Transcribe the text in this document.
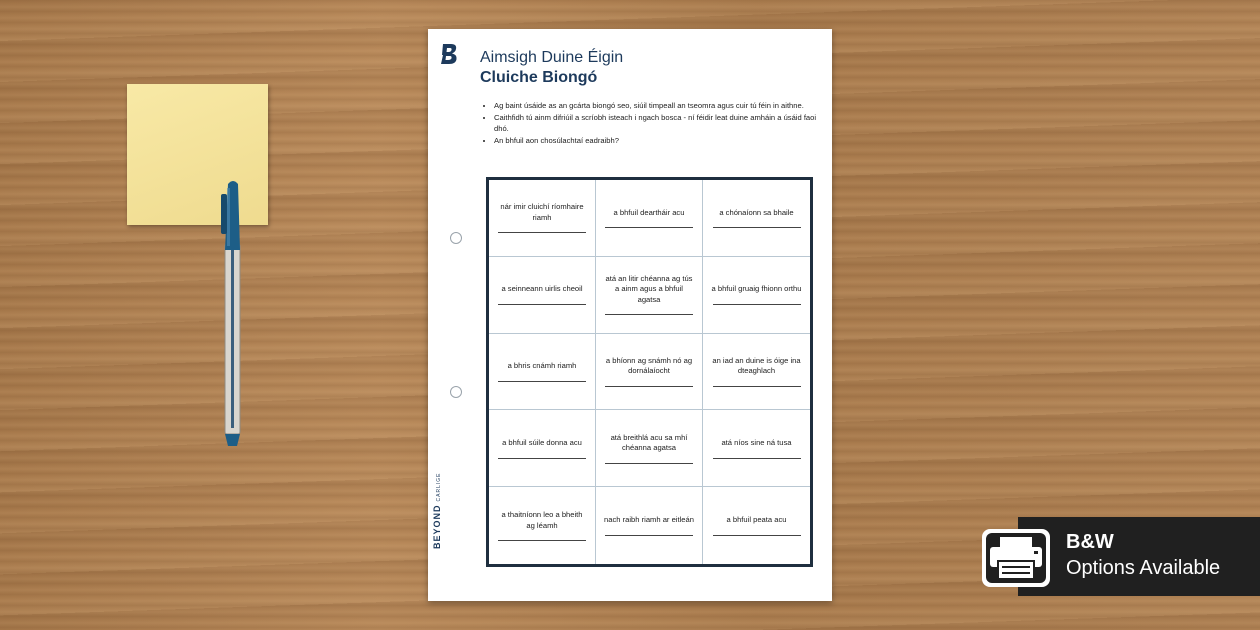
Aimsigh Duine Éigin
Cluiche Biongó
• Ag baint úsáide as an gcárta biongó seo, siúil timpeall an tseomra agus cuir tú féin in aithne.
• Caithfidh tú ainm difriúil a scríobh isteach i ngach bosca - ní féidir leat duine amháin a úsáid faoi dhó.
• An bhfuil aon chosúlachtaí eadraibh?
BEYONDCARLIGE
nár imir cluichí ríomhaire riamh
a bhfuil deartháir acu	a chónaíonn sa bhaile
a seinneann uirlis cheoil
atá an litir chéanna ag tús a ainm agus a bhfuil agatsa
a bhfuil gruaig fhionn orthu
a bhris cnámh riamh
a bhíonn ag snámh nó ag dornálaíocht
an iad an duine is óige ina dteaghlach
a bhfuil súile donna acu
atá breithlá acu sa mhí chéanna agatsa
atá níos sine ná tusa
a thaitníonn leo a bheith ag léamh
nach raibh riamh ar eitleán	a bhfuil peata acu
B&W
Options Available
